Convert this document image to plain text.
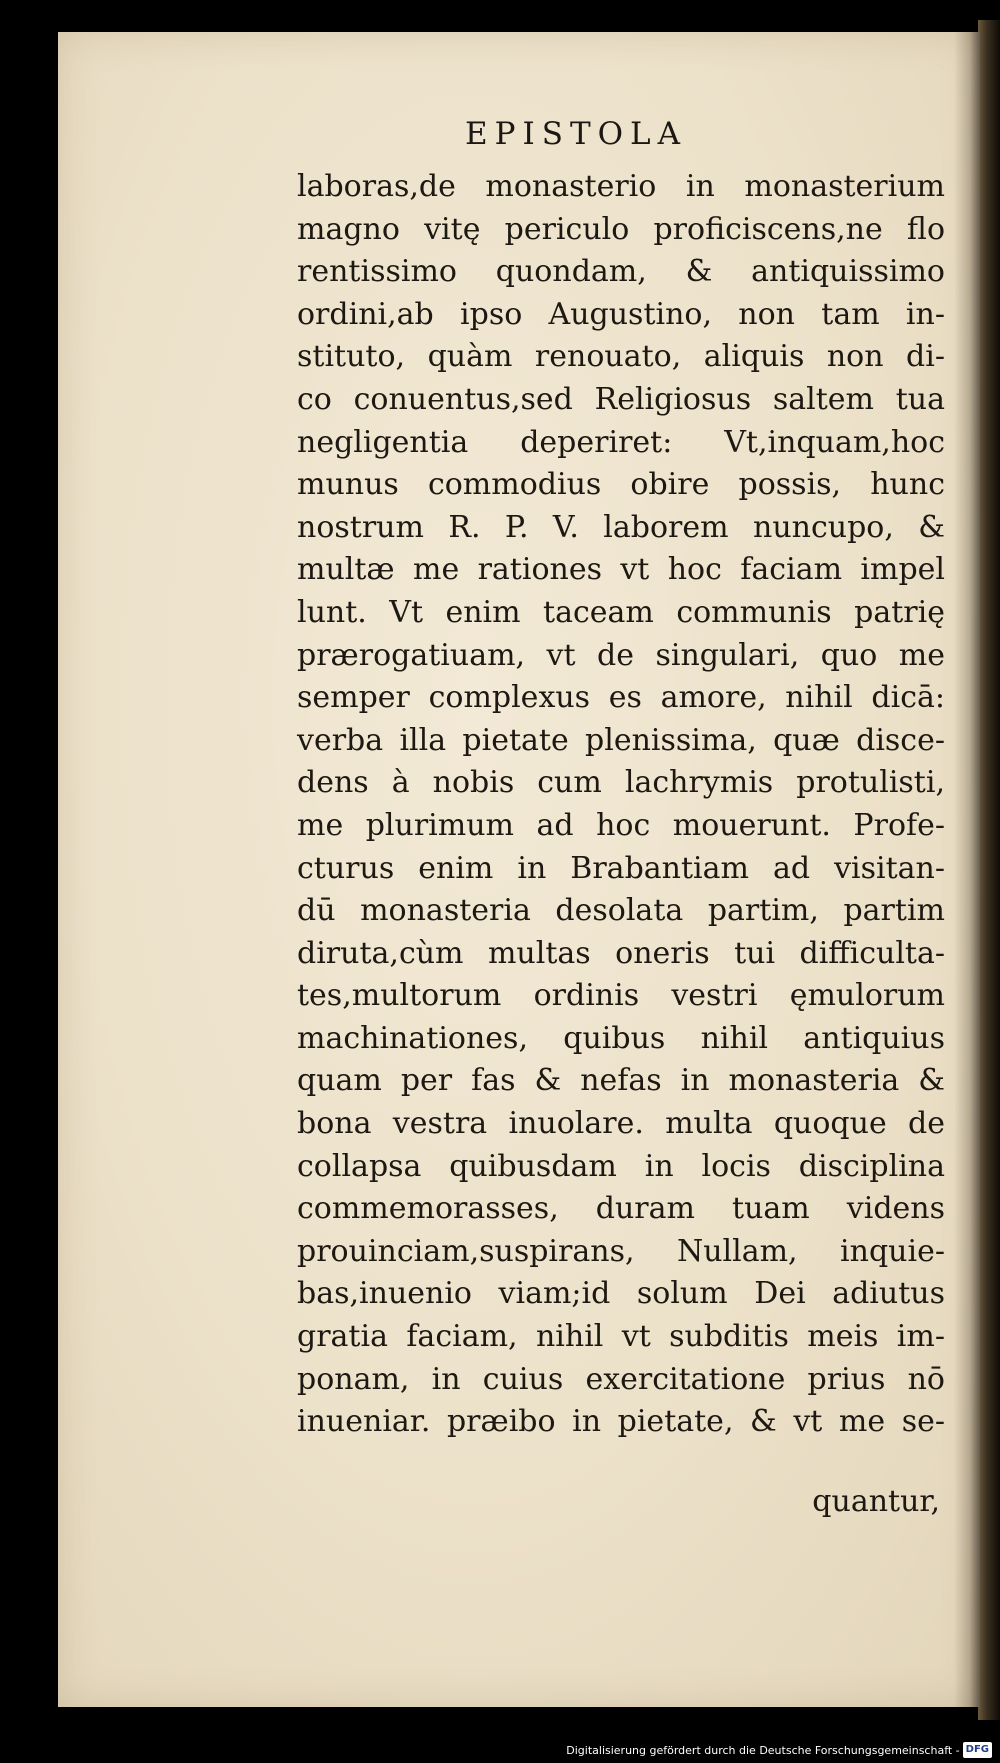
EPISTOLA
laboras,de monasterio in monasterium
magno vitę periculo proficiscens,ne flo
rentissimo quondam, & antiquissimo
ordini,ab ipso Augustino, non tam in-
stituto, quàm renouato, aliquis non di-
co conuentus,sed Religiosus saltem tua
negligentia deperiret: Vt,inquam,hoc
munus commodius obire possis, hunc
nostrum R. P. V. laborem nuncupo, &
multæ me rationes vt hoc faciam impel
lunt. Vt enim taceam communis patrię
prærogatiuam, vt de singulari, quo me
semper complexus es amore, nihil dicā:
verba illa pietate plenissima, quæ disce-
dens à nobis cum lachrymis protulisti,
me plurimum ad hoc mouerunt. Profe-
cturus enim in Brabantiam ad visitan-
dū monasteria desolata partim, partim
diruta,cùm multas oneris tui difficulta-
tes,multorum ordinis vestri ęmulorum
machinationes, quibus nihil antiquius
quam per fas & nefas in monasteria &
bona vestra inuolare. multa quoque de
collapsa quibusdam in locis disciplina
commemorasses, duram tuam videns
prouinciam,suspirans, Nullam, inquie-
bas,inuenio viam;id solum Dei adiutus
gratia faciam, nihil vt subditis meis im-
ponam, in cuius exercitatione prius nō
inueniar. præibo in pietate, & vt me se-
quantur,
Digitalisierung gefördert durch die Deutsche Forschungsgemeinschaft - DFG
